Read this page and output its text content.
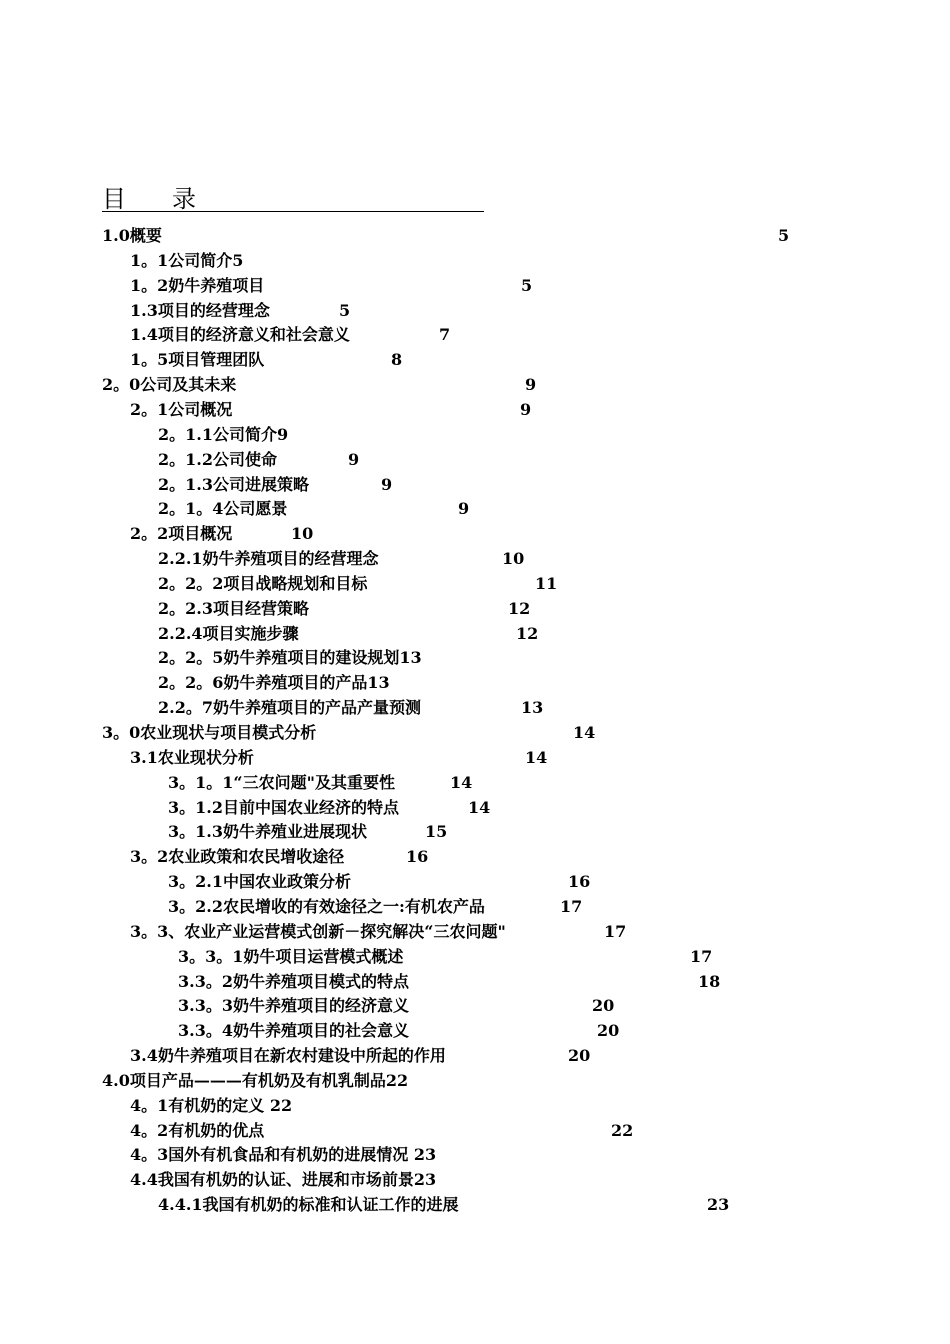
目录
1.0概要	5
1。1公司简介5
1。2奶牛养殖项目	5
1.3项目的经营理念	5
1.4项目的经济意义和社会意义	7
1。5项目管理团队	8
2。0公司及其未来	9
2。1公司概况	9
2。1.1公司简介9
2。1.2公司使命	9
2。1.3公司进展策略	9
2。1。4公司愿景	9
2。2项目概况	10
2.2.1奶牛养殖项目的经营理念	10
2。2。2项目战略规划和目标	11
2。2.3项目经营策略	12
2.2.4项目实施步骤	12
2。2。5奶牛养殖项目的建设规划13
2。2。6奶牛养殖项目的产品13
2.2。7奶牛养殖项目的产品产量预测	13
3。0农业现状与项目模式分析	14
3.1农业现状分析	14
3。1。1“三农问题"及其重要性	14
3。1.2目前中国农业经济的特点	14
3。1.3奶牛养殖业进展现状	15
3。2农业政策和农民增收途径	16
3。2.1中国农业政策分析	16
3。2.2农民增收的有效途径之一:有机农产品	17
3。3、农业产业运营模式创新－探究解决“三农问题"	17
3。3。1奶牛项目运营模式概述	17
3.3。2奶牛养殖项目模式的特点	18
3.3。3奶牛养殖项目的经济意义	20
3.3。4奶牛养殖项目的社会意义	20
3.4奶牛养殖项目在新农村建设中所起的作用	20
4.0项目产品———有机奶及有机乳制品22
4。1有机奶的定义 22
4。2有机奶的优点	22
4。3国外有机食品和有机奶的进展情况 23
4.4我国有机奶的认证、进展和市场前景23
4.4.1我国有机奶的标准和认证工作的进展	23
